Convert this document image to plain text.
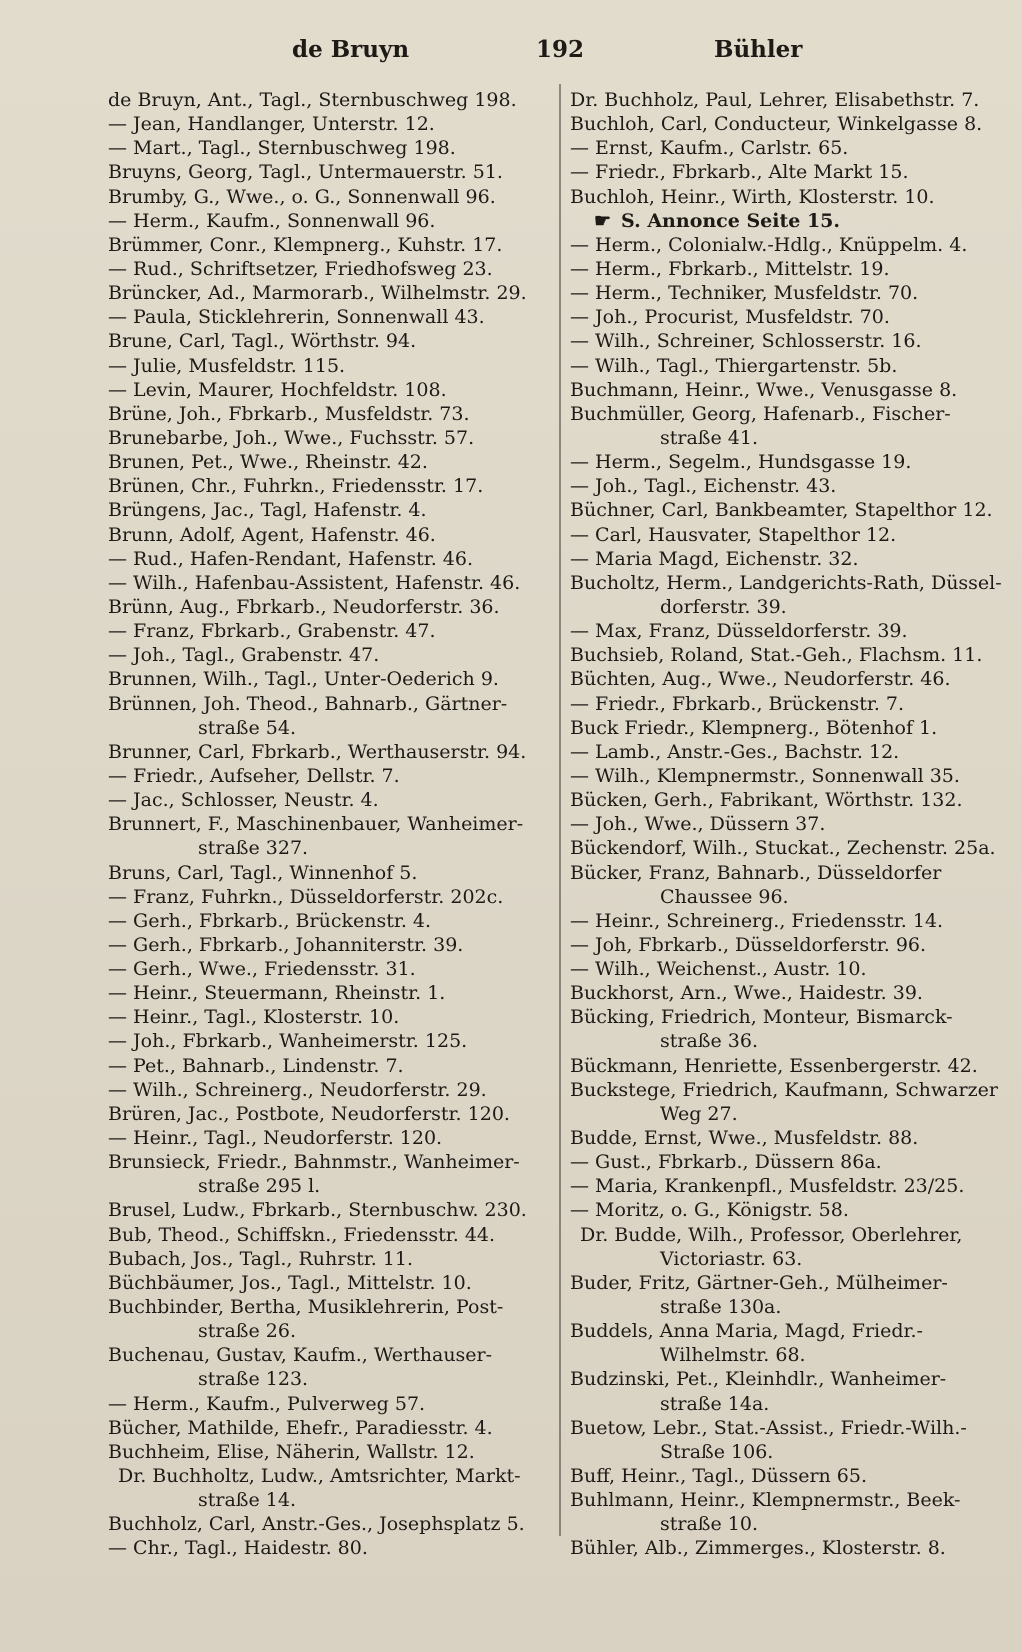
de Bruyn	192	Bühler
de Bruyn, Ant., Tagl., Sternbuschweg 198.
— Jean, Handlanger, Unterstr. 12.
— Mart., Tagl., Sternbuschweg 198.
Bruyns, Georg, Tagl., Untermauerstr. 51.
Brumby, G., Wwe., o. G., Sonnenwall 96.
— Herm., Kaufm., Sonnenwall 96.
Brümmer, Conr., Klempnerg., Kuhstr. 17.
— Rud., Schriftsetzer, Friedhofsweg 23.
Brüncker, Ad., Marmorarb., Wilhelmstr. 29.
— Paula, Sticklehrerin, Sonnenwall 43.
Brune, Carl, Tagl., Wörthstr. 94.
— Julie, Musfeldstr. 115.
— Levin, Maurer, Hochfeldstr. 108.
Brüne, Joh., Fbrkarb., Musfeldstr. 73.
Brunebarbe, Joh., Wwe., Fuchsstr. 57.
Brunen, Pet., Wwe., Rheinstr. 42.
Brünen, Chr., Fuhrkn., Friedensstr. 17.
Brüngens, Jac., Tagl, Hafenstr. 4.
Brunn, Adolf, Agent, Hafenstr. 46.
— Rud., Hafen-Rendant, Hafenstr. 46.
— Wilh., Hafenbau-Assistent, Hafenstr. 46.
Brünn, Aug., Fbrkarb., Neudorferstr. 36.
— Franz, Fbrkarb., Grabenstr. 47.
— Joh., Tagl., Grabenstr. 47.
Brunnen, Wilh., Tagl., Unter-Oederich 9.
Brünnen, Joh. Theod., Bahnarb., Gärtner-
straße 54.
Brunner, Carl, Fbrkarb., Werthauserstr. 94.
— Friedr., Aufseher, Dellstr. 7.
— Jac., Schlosser, Neustr. 4.
Brunnert, F., Maschinenbauer, Wanheimer-
straße 327.
Bruns, Carl, Tagl., Winnenhof 5.
— Franz, Fuhrkn., Düsseldorferstr. 202c.
— Gerh., Fbrkarb., Brückenstr. 4.
— Gerh., Fbrkarb., Johanniterstr. 39.
— Gerh., Wwe., Friedensstr. 31.
— Heinr., Steuermann, Rheinstr. 1.
— Heinr., Tagl., Klosterstr. 10.
— Joh., Fbrkarb., Wanheimerstr. 125.
— Pet., Bahnarb., Lindenstr. 7.
— Wilh., Schreinerg., Neudorferstr. 29.
Brüren, Jac., Postbote, Neudorferstr. 120.
— Heinr., Tagl., Neudorferstr. 120.
Brunsieck, Friedr., Bahnmstr., Wanheimer-
straße 295 l.
Brusel, Ludw., Fbrkarb., Sternbuschw. 230.
Bub, Theod., Schiffskn., Friedensstr. 44.
Bubach, Jos., Tagl., Ruhrstr. 11.
Büchbäumer, Jos., Tagl., Mittelstr. 10.
Buchbinder, Bertha, Musiklehrerin, Post-
straße 26.
Buchenau, Gustav, Kaufm., Werthauser-
straße 123.
— Herm., Kaufm., Pulverweg 57.
Bücher, Mathilde, Ehefr., Paradiesstr. 4.
Buchheim, Elise, Näherin, Wallstr. 12.
Dr. Buchholtz, Ludw., Amtsrichter, Markt-
straße 14.
Buchholz, Carl, Anstr.-Ges., Josephsplatz 5.
— Chr., Tagl., Haidestr. 80.
Dr. Buchholz, Paul, Lehrer, Elisabethstr. 7.
Buchloh, Carl, Conducteur, Winkelgasse 8.
— Ernst, Kaufm., Carlstr. 65.
— Friedr., Fbrkarb., Alte Markt 15.
Buchloh, Heinr., Wirth, Klosterstr. 10.
☛ S. Annonce Seite 15.
— Herm., Colonialw.-Hdlg., Knüppelm. 4.
— Herm., Fbrkarb., Mittelstr. 19.
— Herm., Techniker, Musfeldstr. 70.
— Joh., Procurist, Musfeldstr. 70.
— Wilh., Schreiner, Schlosserstr. 16.
— Wilh., Tagl., Thiergartenstr. 5b.
Buchmann, Heinr., Wwe., Venusgasse 8.
Buchmüller, Georg, Hafenarb., Fischer-
straße 41.
— Herm., Segelm., Hundsgasse 19.
— Joh., Tagl., Eichenstr. 43.
Büchner, Carl, Bankbeamter, Stapelthor 12.
— Carl, Hausvater, Stapelthor 12.
— Maria Magd, Eichenstr. 32.
Bucholtz, Herm., Landgerichts-Rath, Düssel-
dorferstr. 39.
— Max, Franz, Düsseldorferstr. 39.
Buchsieb, Roland, Stat.-Geh., Flachsm. 11.
Büchten, Aug., Wwe., Neudorferstr. 46.
— Friedr., Fbrkarb., Brückenstr. 7.
Buck Friedr., Klempnerg., Bötenhof 1.
— Lamb., Anstr.-Ges., Bachstr. 12.
— Wilh., Klempnermstr., Sonnenwall 35.
Bücken, Gerh., Fabrikant, Wörthstr. 132.
— Joh., Wwe., Düssern 37.
Bückendorf, Wilh., Stuckat., Zechenstr. 25a.
Bücker, Franz, Bahnarb., Düsseldorfer
Chaussee 96.
— Heinr., Schreinerg., Friedensstr. 14.
— Joh, Fbrkarb., Düsseldorferstr. 96.
— Wilh., Weichenst., Austr. 10.
Buckhorst, Arn., Wwe., Haidestr. 39.
Bücking, Friedrich, Monteur, Bismarck-
straße 36.
Bückmann, Henriette, Essenbergerstr. 42.
Buckstege, Friedrich, Kaufmann, Schwarzer
Weg 27.
Budde, Ernst, Wwe., Musfeldstr. 88.
— Gust., Fbrkarb., Düssern 86a.
— Maria, Krankenpfl., Musfeldstr. 23/25.
— Moritz, o. G., Königstr. 58.
Dr. Budde, Wilh., Professor, Oberlehrer,
Victoriastr. 63.
Buder, Fritz, Gärtner-Geh., Mülheimer-
straße 130a.
Buddels, Anna Maria, Magd, Friedr.-
Wilhelmstr. 68.
Budzinski, Pet., Kleinhdlr., Wanheimer-
straße 14a.
Buetow, Lebr., Stat.-Assist., Friedr.-Wilh.-
Straße 106.
Buff, Heinr., Tagl., Düssern 65.
Buhlmann, Heinr., Klempnermstr., Beek-
straße 10.
Bühler, Alb., Zimmerges., Klosterstr. 8.
